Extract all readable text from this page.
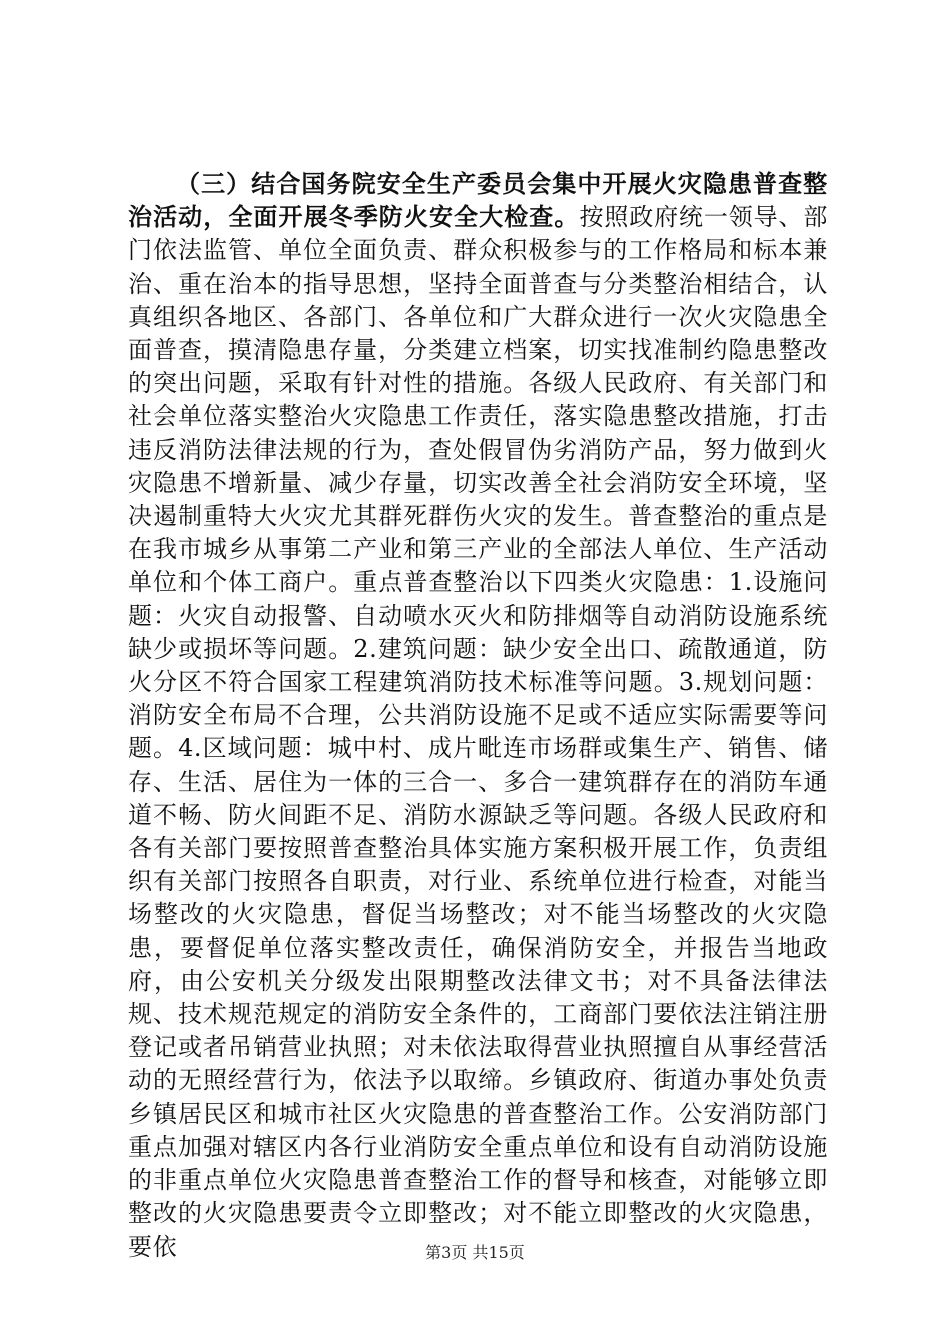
（三）结合国务院安全生产委员会集中开展火灾隐患普查整治活动，全面开展冬季防火安全大检查。按照政府统一领导、部门依法监管、单位全面负责、群众积极参与的工作格局和标本兼治、重在治本的指导思想，坚持全面普查与分类整治相结合，认真组织各地区、各部门、各单位和广大群众进行一次火灾隐患全面普查，摸清隐患存量，分类建立档案，切实找准制约隐患整改的突出问题，采取有针对性的措施。各级人民政府、有关部门和社会单位落实整治火灾隐患工作责任，落实隐患整改措施，打击违反消防法律法规的行为，查处假冒伪劣消防产品，努力做到火灾隐患不增新量、减少存量，切实改善全社会消防安全环境，坚决遏制重特大火灾尤其群死群伤火灾的发生。普查整治的重点是在我市城乡从事第二产业和第三产业的全部法人单位、生产活动单位和个体工商户。重点普查整治以下四类火灾隐患：1.设施问题：火灾自动报警、自动喷水灭火和防排烟等自动消防设施系统缺少或损坏等问题。2.建筑问题：缺少安全出口、疏散通道，防火分区不符合国家工程建筑消防技术标准等问题。3.规划问题：消防安全布局不合理，公共消防设施不足或不适应实际需要等问题。4.区域问题：城中村、成片毗连市场群或集生产、销售、储存、生活、居住为一体的三合一、多合一建筑群存在的消防车通道不畅、防火间距不足、消防水源缺乏等问题。各级人民政府和各有关部门要按照普查整治具体实施方案积极开展工作，负责组织有关部门按照各自职责，对行业、系统单位进行检查，对能当场整改的火灾隐患，督促当场整改；对不能当场整改的火灾隐患，要督促单位落实整改责任，确保消防安全，并报告当地政府，由公安机关分级发出限期整改法律文书；对不具备法律法规、技术规范规定的消防安全条件的，工商部门要依法注销注册登记或者吊销营业执照；对未依法取得营业执照擅自从事经营活动的无照经营行为，依法予以取缔。乡镇政府、街道办事处负责乡镇居民区和城市社区火灾隐患的普查整治工作。公安消防部门重点加强对辖区内各行业消防安全重点单位和设有自动消防设施的非重点单位火灾隐患普查整治工作的督导和核查，对能够立即整改的火灾隐患要责令立即整改；对不能立即整改的火灾隐患，要依	第3页 共15页
